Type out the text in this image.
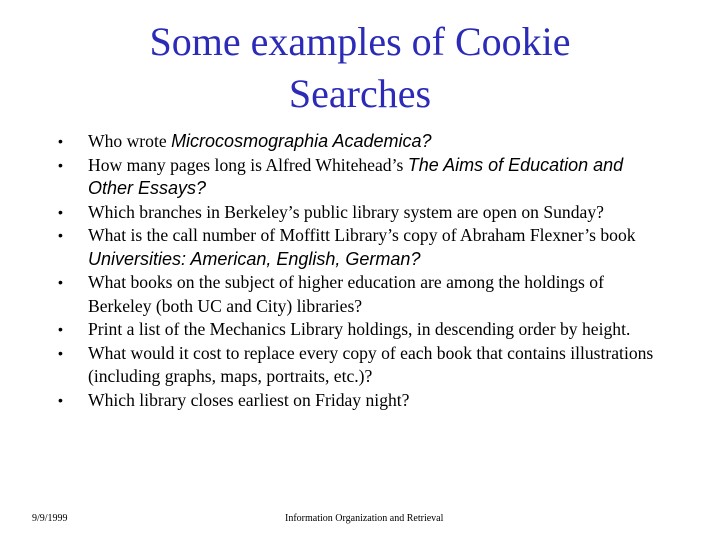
Some examples of Cookie
Searches
• Who wrote Microcosmographia Academica?
• How many pages long is Alfred Whitehead’s The Aims of Education and Other Essays?
• Which branches in Berkeley’s public library system are open on Sunday?
• What is the call number of Moffitt Library’s copy of Abraham Flexner’s book Universities: American, English, German?
• What books on the subject of higher education are among the holdings of Berkeley (both UC and City) libraries?
• Print a list of the Mechanics Library holdings, in descending order by height.
• What would it cost to replace every copy of each book that contains illustrations (including graphs, maps, portraits, etc.)?
• Which library closes earliest on Friday night?
9/9/1999	Information Organization and Retrieval
